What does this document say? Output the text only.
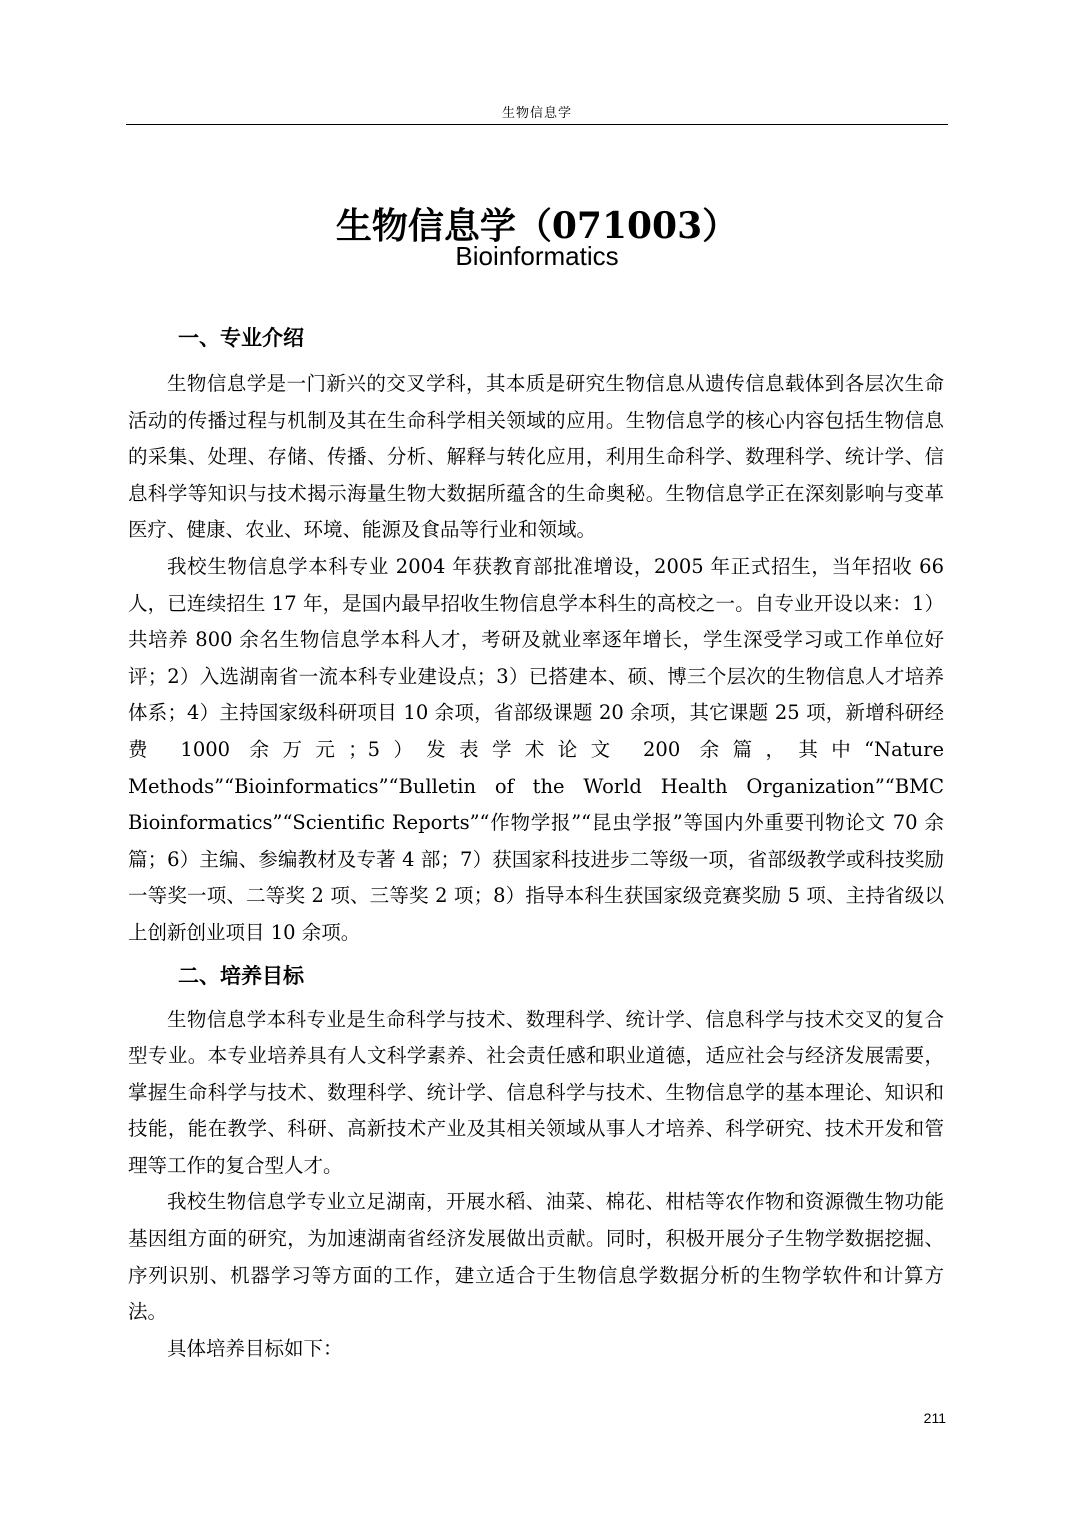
生物信息学
生物信息学（071003）
Bioinformatics
一、专业介绍

生物信息学是一门新兴的交叉学科，其本质是研究生物信息从遗传信息载体到各层次生命活动的传播过程与机制及其在生命科学相关领域的应用。生物信息学的核心内容包括生物信息的采集、处理、存储、传播、分析、解释与转化应用，利用生命科学、数理科学、统计学、信息科学等知识与技术揭示海量生物大数据所蕴含的生命奥秘。生物信息学正在深刻影响与变革医疗、健康、农业、环境、能源及食品等行业和领域。

我校生物信息学本科专业 2004 年获教育部批准增设，2005 年正式招生，当年招收 66 人，已连续招生 17 年，是国内最早招收生物信息学本科生的高校之一。自专业开设以来：1）共培养 800 余名生物信息学本科人才，考研及就业率逐年增长，学生深受学习或工作单位好评；2）入选湖南省一流本科专业建设点；3）已搭建本、硕、博三个层次的生物信息人才培养体系；4）主持国家级科研项目 10 余项，省部级课题 20 余项，其它课题 25 项，新增科研经费 1000 余万元；5）发表学术论文 200 余篇，其中“Nature Methods”“Bioinformatics”“Bulletin of the World Health Organization”“BMC Bioinformatics”“Scientific Reports”“作物学报”“昆虫学报”等国内外重要刊物论文 70 余篇；6）主编、参编教材及专著 4 部；7）获国家科技进步二等级一项，省部级教学或科技奖励一等奖一项、二等奖 2 项、三等奖 2 项；8）指导本科生获国家级竞赛奖励 5 项、主持省级以上创新创业项目 10 余项。

二、培养目标

生物信息学本科专业是生命科学与技术、数理科学、统计学、信息科学与技术交叉的复合型专业。本专业培养具有人文科学素养、社会责任感和职业道德，适应社会与经济发展需要，掌握生命科学与技术、数理科学、统计学、信息科学与技术、生物信息学的基本理论、知识和技能，能在教学、科研、高新技术产业及其相关领域从事人才培养、科学研究、技术开发和管理等工作的复合型人才。

我校生物信息学专业立足湖南，开展水稻、油菜、棉花、柑桔等农作物和资源微生物功能基因组方面的研究，为加速湖南省经济发展做出贡献。同时，积极开展分子生物学数据挖掘、序列识别、机器学习等方面的工作，建立适合于生物信息学数据分析的生物学软件和计算方法。

具体培养目标如下：

211
